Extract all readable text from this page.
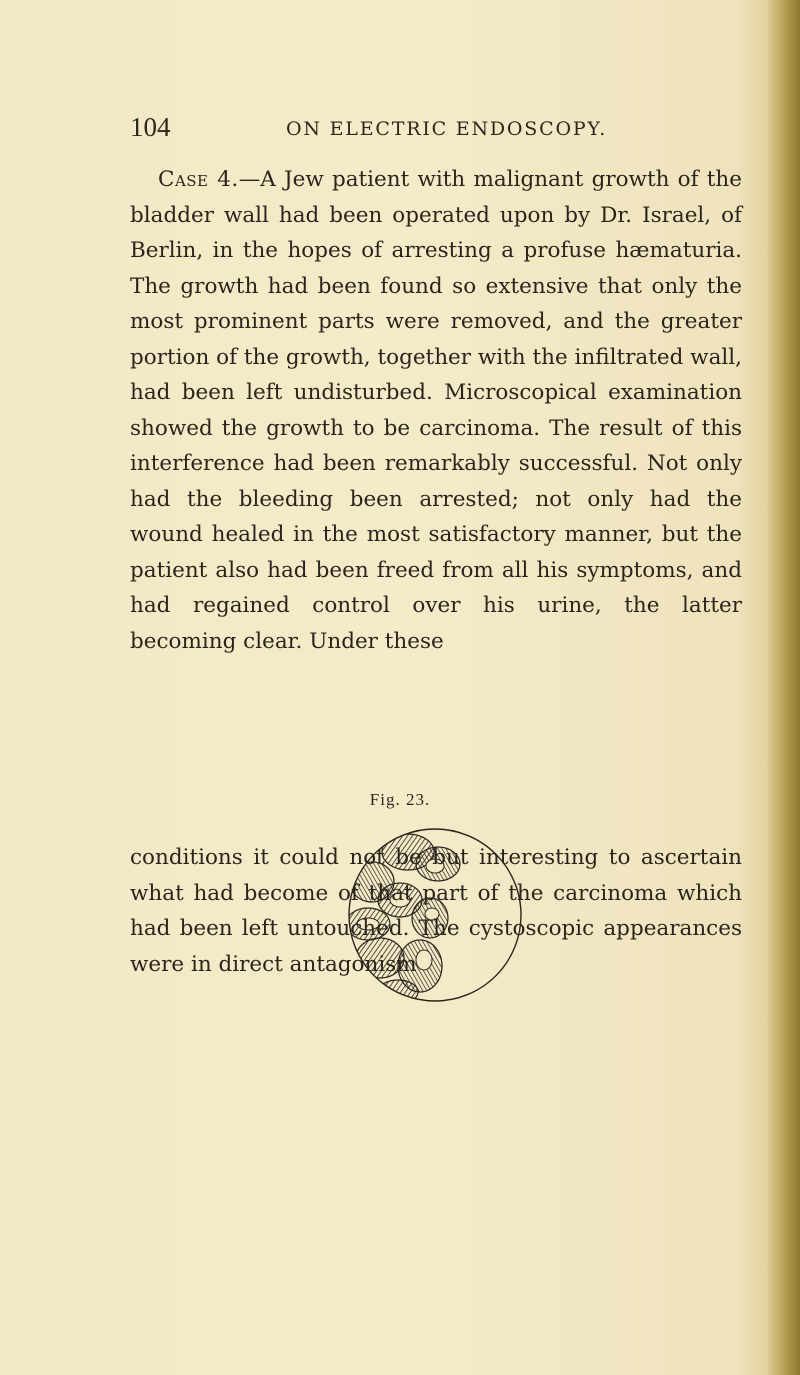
104	ON ELECTRIC ENDOSCOPY.

Case 4.—A Jew patient with malignant growth of the bladder wall had been operated upon by Dr. Israel, of Berlin, in the hopes of arresting a profuse hæmaturia. The growth had been found so extensive that only the most prominent parts were removed, and the greater portion of the growth, together with the infiltrated wall, had been left undisturbed. Microscopical examination showed the growth to be carcinoma. The result of this interference had been remarkably successful. Not only had the bleeding been arrested; not only had the wound healed in the most satisfactory manner, but the patient also had been freed from all his symptoms, and had regained control over his urine, the latter becoming clear. Under these

Fig. 23.

conditions it could not be but interesting to ascertain what had become of that part of the carcinoma which had been left untouched. The cystoscopic appearances were in direct antagonism
